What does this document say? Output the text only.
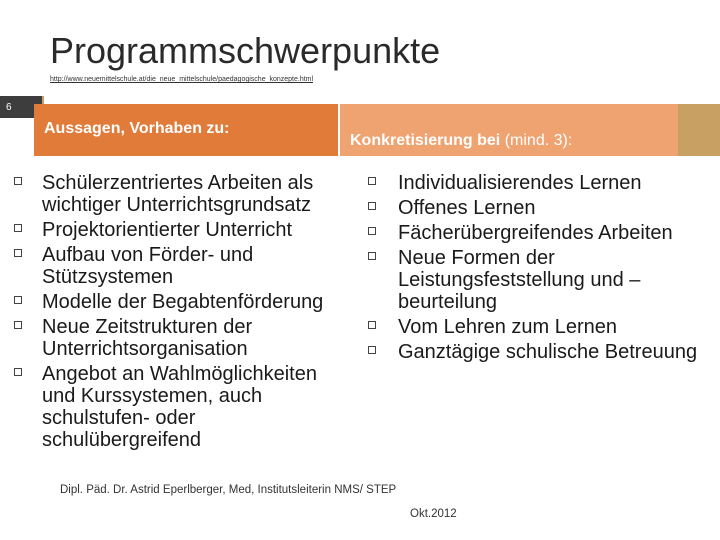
Programmschwerpunkte
http://www.neuemittelschule.at/die_neue_mittelschule/paedagogische_konzepte.html
6
Aussagen, Vorhaben zu:
Konkretisierung bei (mind. 3):
Schülerzentriertes Arbeiten als wichtiger Unterrichtsgrundsatz
Projektorientierter Unterricht
Aufbau von Förder- und Stützsystemen
Modelle der Begabtenförderung
Neue Zeitstrukturen der Unterrichtsorganisation
Angebot an Wahlmöglichkeiten und Kurssystemen, auch schulstufen- oder schulübergreifend
Individualisierendes Lernen
Offenes Lernen
Fächerübergreifendes Arbeiten
Neue Formen der Leistungsfeststellung und –beurteilung
Vom Lehren zum Lernen
Ganztägige schulische Betreuung
Dipl. Päd. Dr. Astrid Eperlberger, Med, Institutsleiterin NMS/ STEP
Okt.2012
